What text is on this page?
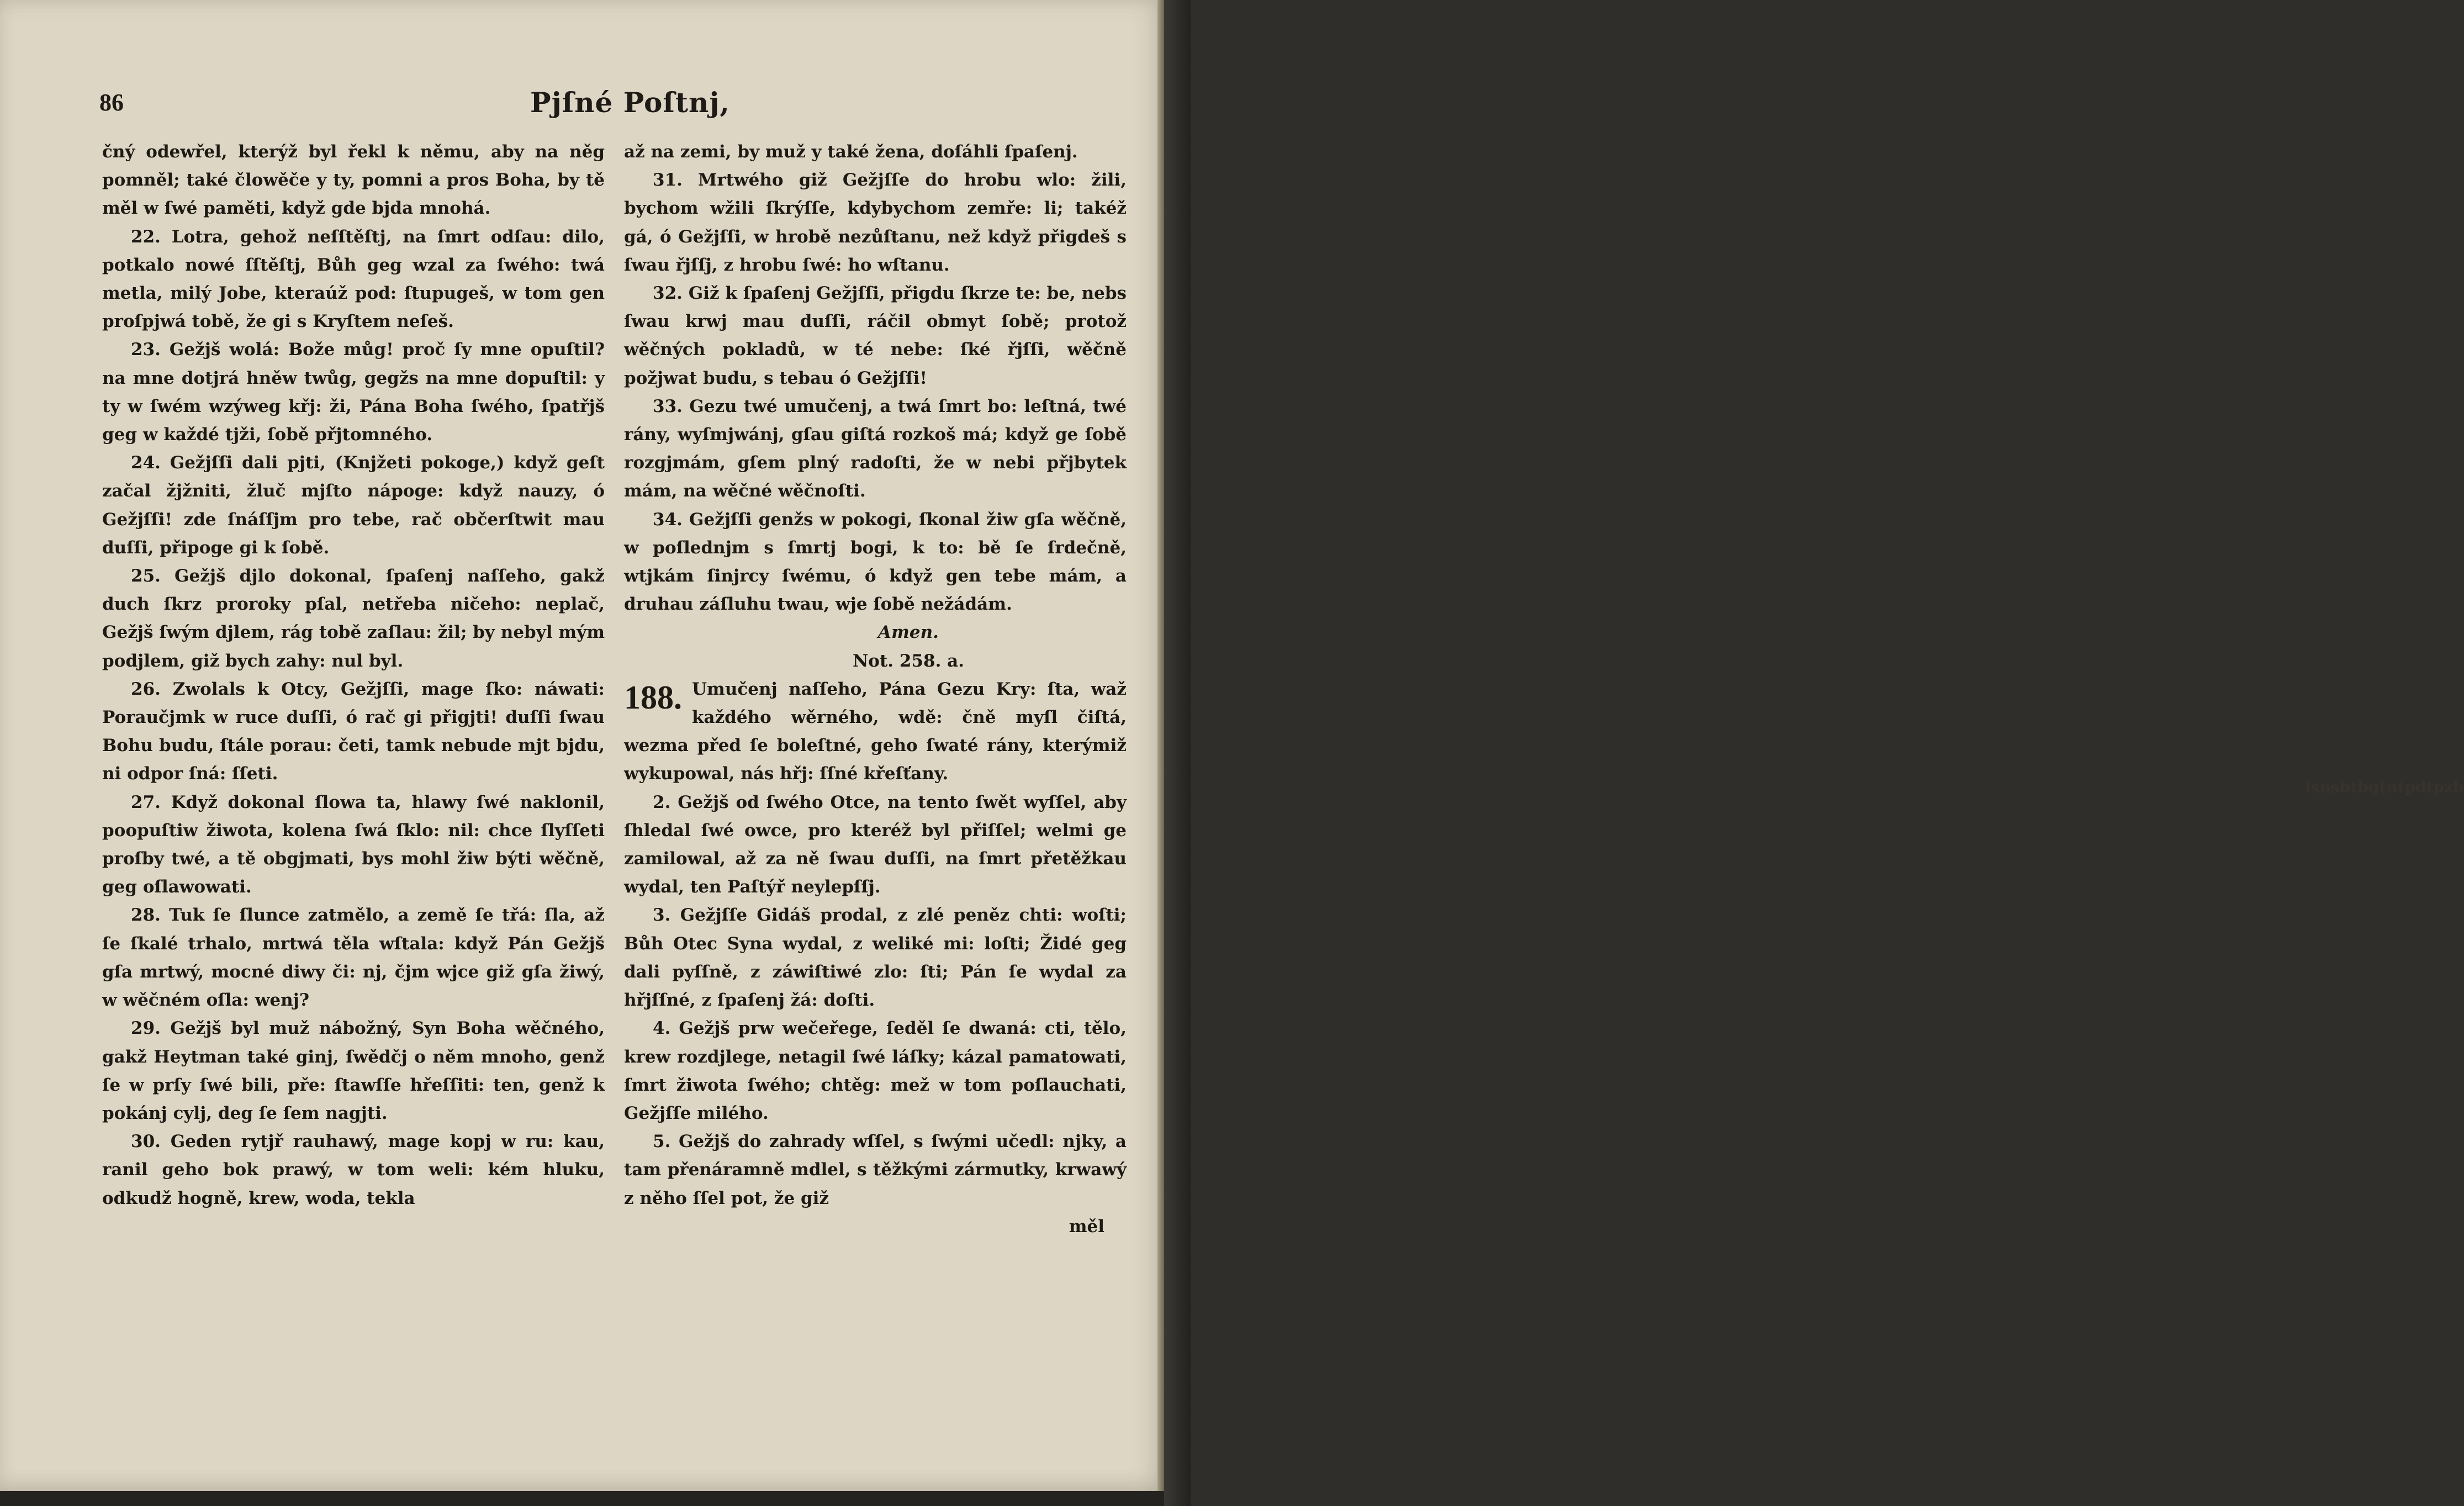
lsnsbtbgtntpdtpzb
86	Pjſné Poſtnj,

čný odewřel, kterýž byl řekl k němu, aby na něg pomněl; také člowěče y ty, pomni a pros Boha, by tě měl w ſwé paměti, když gde bjda mnohá.

22. Lotra, gehož neſſtěſtj, na ſmrt odſau: dilo, potkalo nowé ſſtěſtj, Bůh geg wzal za ſwého: twá metla, milý Jobe, kteraúž pod: ſtupugeš, w tom gen proſpjwá tobě, že gi s Kryſtem neſeš.

23. Gežjš wolá: Bože můg! proč ſy mne opuſtil? na mne dotjrá hněw twůg, gegžs na mne dopuſtil: y ty w ſwém wzýweg křj: ži, Pána Boha ſwého, ſpatřjš geg w každé tjži, ſobě přjtomného.

24. Gežjſſi dali pjti, (Knjžeti pokoge,) když geſt začal žjžniti, žluč mjſto nápoge: když nauzy, ó Gežjſſi! zde ſnáſſjm pro tebe, rač občerſtwit mau duſſi, připoge gi k ſobě.

25. Gežjš djlo dokonal, ſpaſenj naſſeho, gakž duch ſkrz proroky pſal, netřeba ničeho: neplač, Gežjš ſwým djlem, rág tobě zaſlau: žil; by nebyl mým podjlem, giž bych zahy: nul byl.

26. Zwolals k Otcy, Gežjſſi, mage ſko: náwati: Poraučjmk w ruce duſſi, ó rač gi přigjti! duſſi ſwau Bohu budu, ſtále porau: četi, tamk nebude mjt bjdu, ni odpor ſná: ſſeti.

27. Když dokonal ſlowa ta, hlawy ſwé naklonil, poopuſtiw žiwota, kolena ſwá ſklo: nil: chce ſlyſſeti proſby twé, a tě obgjmati, bys mohl žiw býti wěčně, geg oſlawowati.

28. Tuk ſe ſlunce zatmělo, a země ſe třá: ſla, až ſe ſkalé trhalo, mrtwá těla wſtala: když Pán Gežjš gſa mrtwý, mocné diwy či: nj, čjm wjce giž gſa žiwý, w wěčném oſla: wenj?

29. Gežjš byl muž nábožný, Syn Boha wěčného, gakž Heytman také ginj, ſwědčj o něm mnoho, genž ſe w prſy ſwé bili, pře: ſtawſſe hřeſſiti: ten, genž k pokánj cylj, deg ſe ſem nagjti.

30. Geden rytjř rauhawý, mage kopj w ru: kau, ranil geho bok prawý, w tom weli: kém hluku, odkudž hogně, krew, woda, tekla

až na zemi, by muž y také žena, doſáhli ſpaſenj.

31. Mrtwého giž Gežjſſe do hrobu wlo: žili, bychom wžili ſkrýſſe, kdybychom zemře: li; takéž gá, ó Gežjſſi, w hrobě nezůſtanu, než když přigdeš s ſwau řjſſj, z hrobu ſwé: ho wſtanu.

32. Giž k ſpaſenj Gežjſſi, přigdu ſkrze te: be, nebs ſwau krwj mau duſſi, ráčil obmyt ſobě; protož wěčných pokladů, w té nebe: ſké řjſſi, wěčně požjwat budu, s tebau ó Gežjſſi!

33. Gezu twé umučenj, a twá ſmrt bo: leſtná, twé rány, wyſmjwánj, gſau giſtá rozkoš má; když ge ſobě rozgjmám, gſem plný radoſti, že w nebi přjbytek mám, na wěčné wěčnoſti.

34. Gežjſſi genžs w pokogi, ſkonal žiw gſa wěčně, w poſlednjm s ſmrtj bogi, k to: bě ſe ſrdečně, wtjkám ſinjrcy ſwému, ó když gen tebe mám, a druhau záſluhu twau, wje ſobě nežádám.

Amen.

Not. 258. a.

188. Umučenj naſſeho, Pána Gezu Kry: ſta, waž každého wěrného, wdě: čně myſl čiſtá, wezma před ſe boleſtné, geho ſwaté rány, kterýmiž wykupowal, nás hřj: ſſné křeſťany.

2. Gežjš od ſwého Otce, na tento ſwět wyſſel, aby ſhledal ſwé owce, pro kteréž byl přiſſel; welmi ge zamilowal, až za ně ſwau duſſi, na ſmrt přetěžkau wydal, ten Paſtýř neylepſſj.

3. Gežjſſe Gidáš prodal, z zlé peněz chti: woſti; Bůh Otec Syna wydal, z weliké mi: loſti; Židé geg dali pyſſně, z záwiſtiwé zlo: ſti; Pán ſe wydal za hřjſſné, z ſpaſenj žá: doſti.

4. Gežjš prw wečeřege, ſeděl ſe dwaná: cti, tělo, krew rozdjlege, netagil ſwé láſky; kázal pamatowati, ſmrt žiwota ſwého; chtěg: mež w tom poſlauchati, Gežjſſe milého.

5. Gežjš do zahrady wſſel, s ſwými učedl: njky, a tam přenáramně mdlel, s těžkými zármutky, krwawý z něho ſſel pot, že giž

měl
